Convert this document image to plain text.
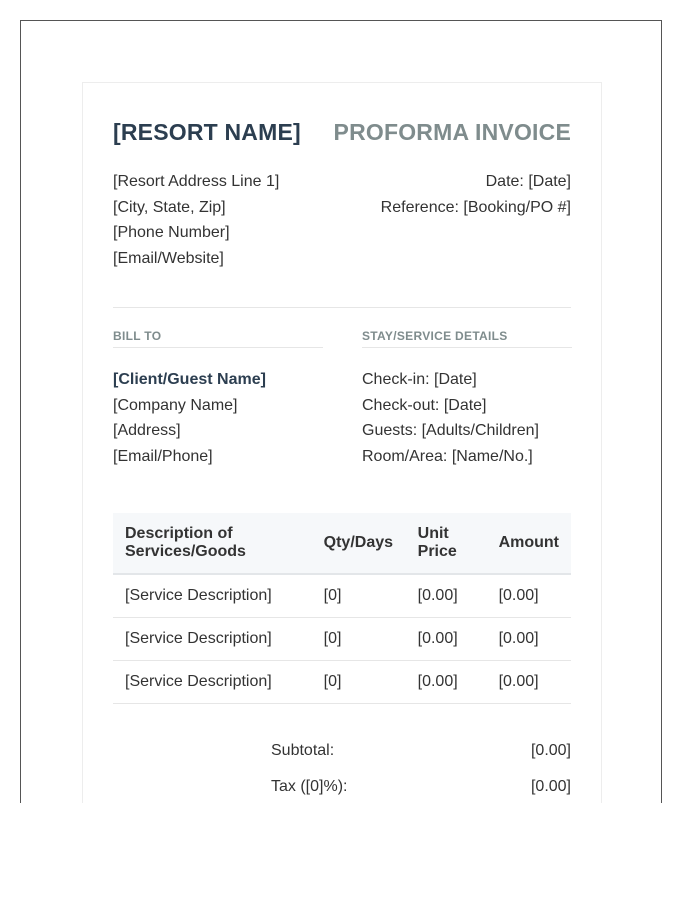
[RESORT NAME] PROFORMA INVOICE
[Resort Address Line 1]
[City, State, Zip]
[Phone Number]
[Email/Website]
Date: [Date]
Reference: [Booking/PO #]
BILL TO
[Client/Guest Name]
[Company Name]
[Address]
[Email/Phone]
STAY/SERVICE DETAILS
Check-in: [Date]
Check-out: [Date]
Guests: [Adults/Children]
Room/Area: [Name/No.]
Description of Services/Goods	Qty/Days	Unit Price	Amount
[Service Description]	[0]	[0.00]	[0.00]
[Service Description]	[0]	[0.00]	[0.00]
[Service Description]	[0]	[0.00]	[0.00]
Subtotal:	[0.00]
Tax ([0]%):	[0.00]
